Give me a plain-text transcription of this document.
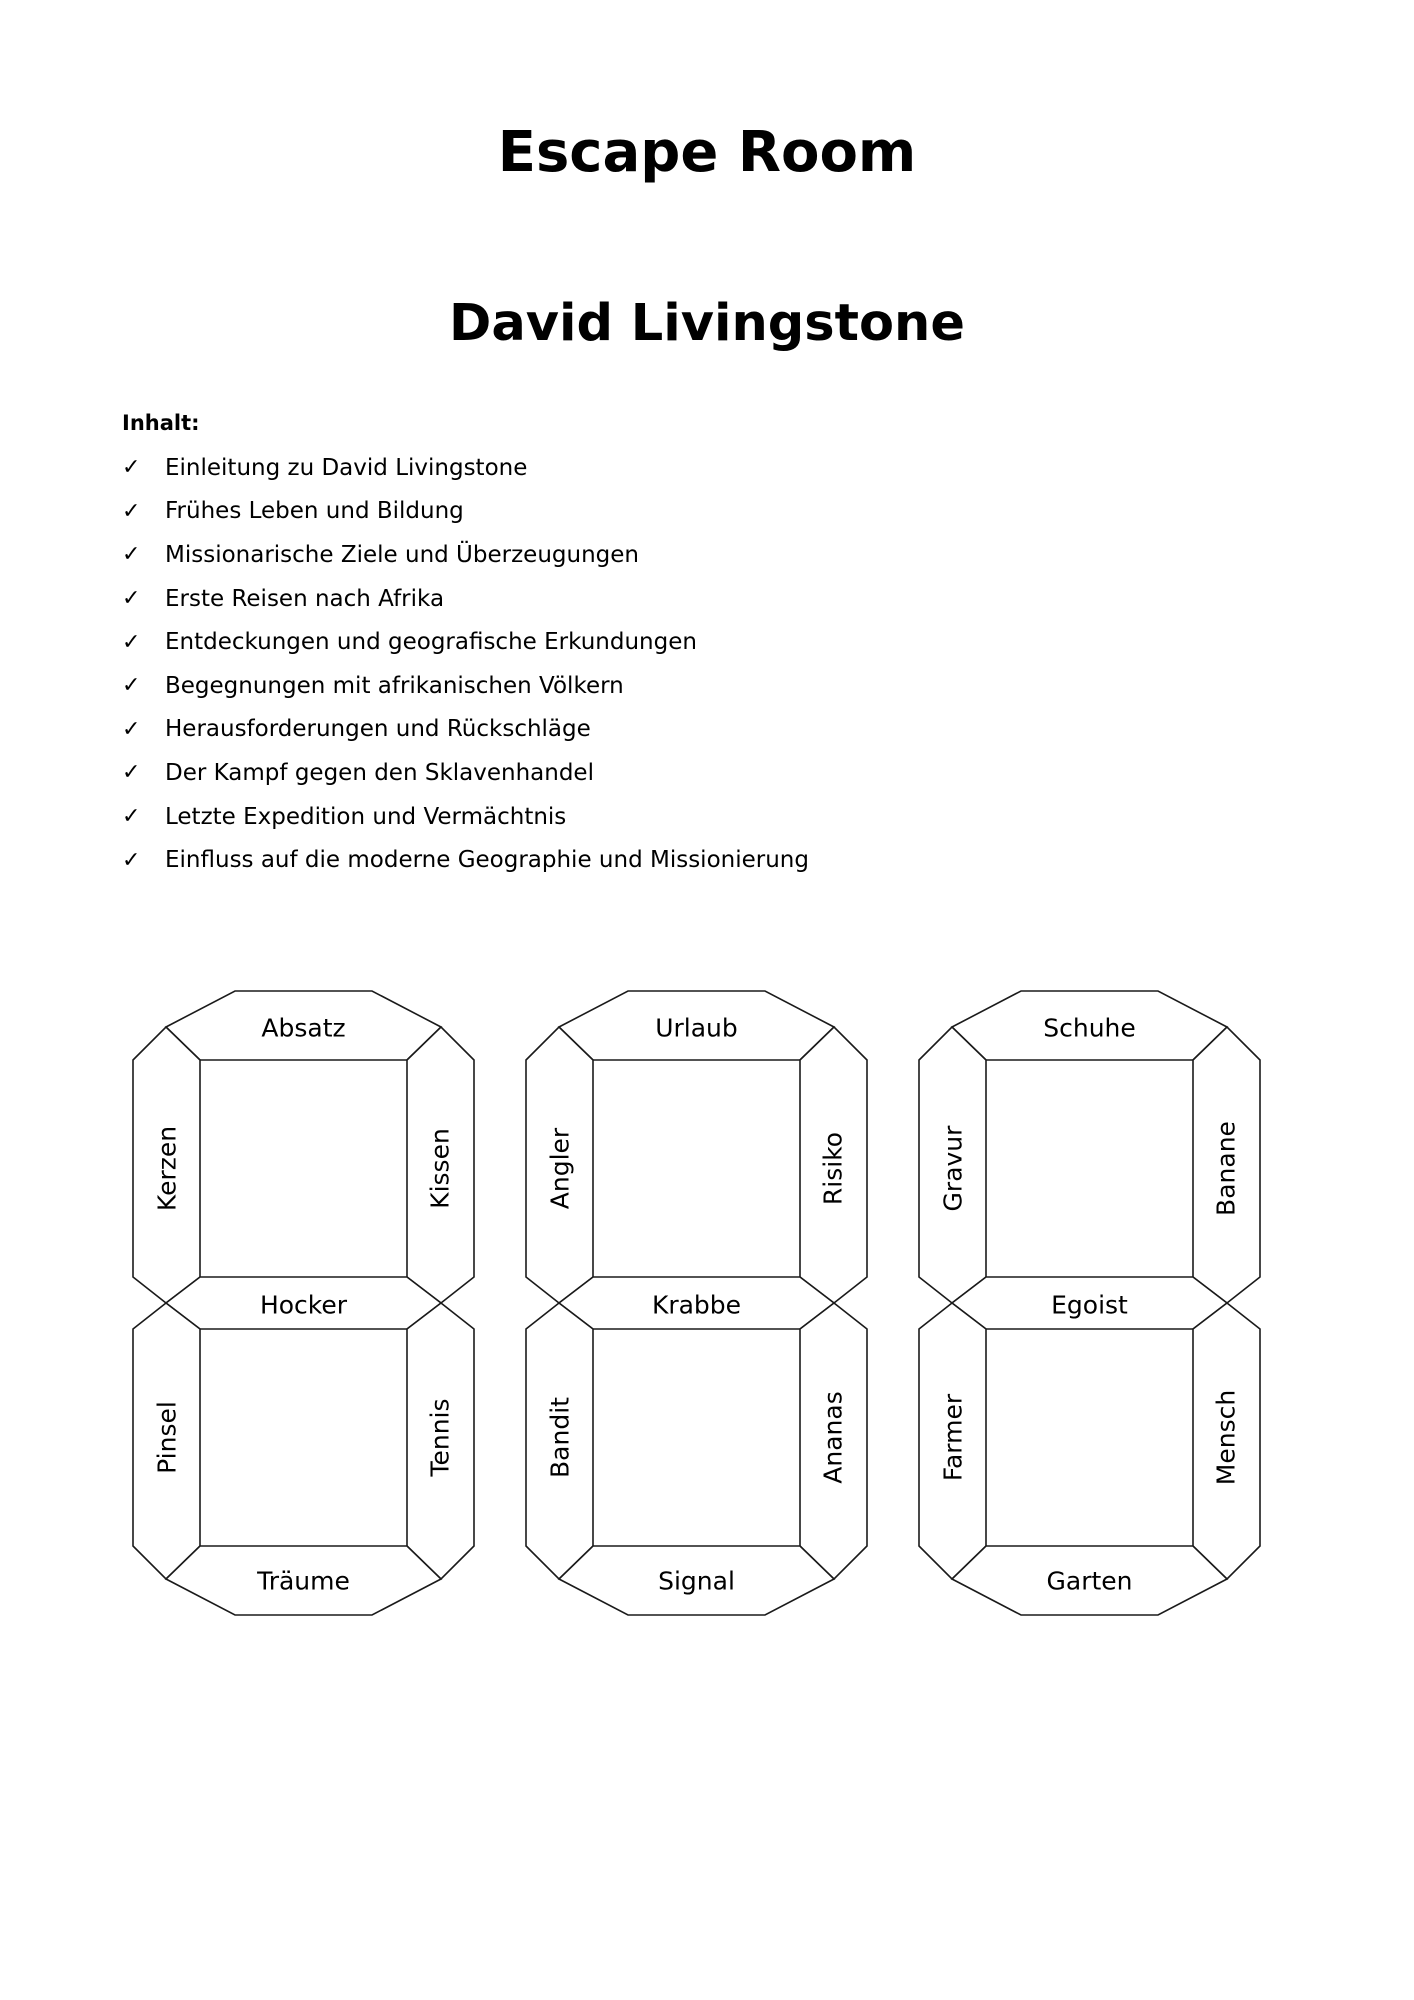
Escape Room
David Livingstone
Inhalt:
✓	Einleitung zu David Livingstone
✓	Frühes Leben und Bildung
✓	Missionarische Ziele und Überzeugungen
✓	Erste Reisen nach Afrika
✓	Entdeckungen und geografische Erkundungen
✓	Begegnungen mit afrikanischen Völkern
✓	Herausforderungen und Rückschläge
✓	Der Kampf gegen den Sklavenhandel
✓	Letzte Expedition und Vermächtnis
✓	Einfluss auf die moderne Geographie und Missionierung
Absatz
Kerzen	Kissen
Hocker
Pinsel	Tennis
Träume
Urlaub
Angler	Risiko
Krabbe
Bandit	Ananas
Signal
Schuhe
Gravur	Banane
Egoist
Farmer	Mensch
Garten
